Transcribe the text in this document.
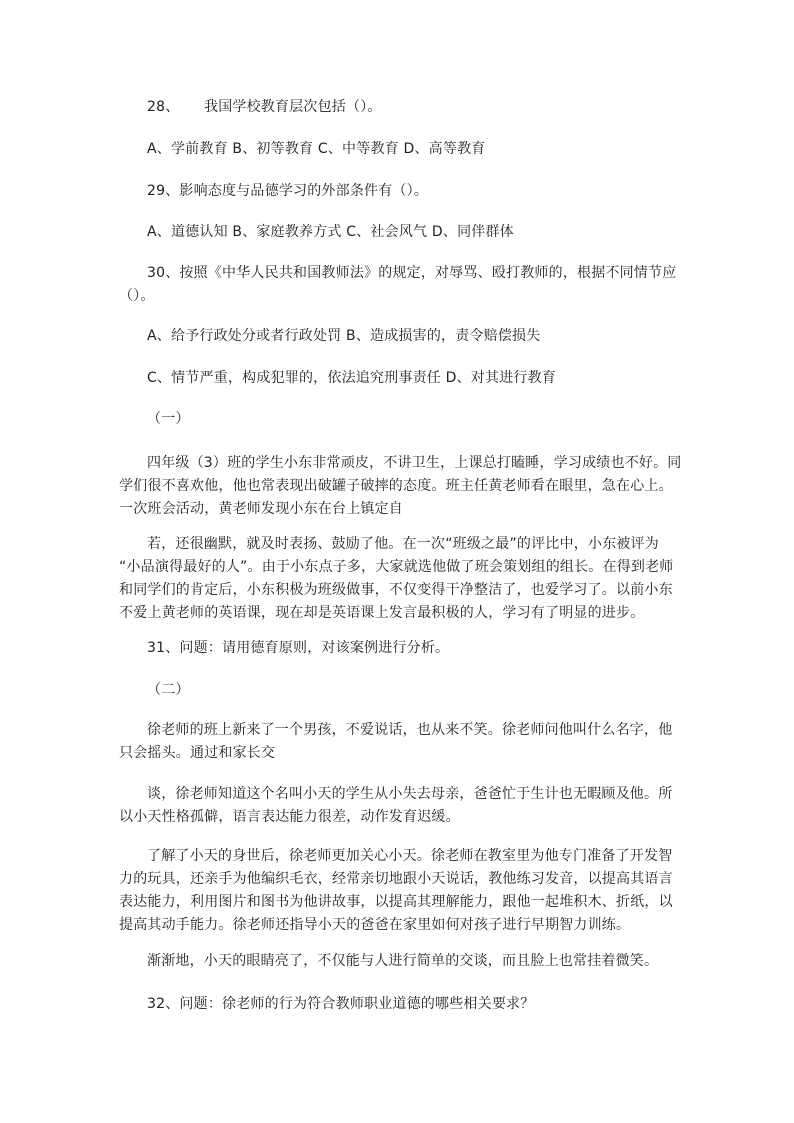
28、 我国学校教育层次包括（）。
A、学前教育 B、初等教育 C、中等教育 D、高等教育
29、影响态度与品德学习的外部条件有（）。
A、道德认知 B、家庭教养方式 C、社会风气 D、同伴群体
30、按照《中华人民共和国教师法》的规定，对辱骂、殴打教师的，根据不同情节应
（）。
A、给予行政处分或者行政处罚 B、造成损害的，责令赔偿损失
C、情节严重，构成犯罪的，依法追究刑事责任 D、对其进行教育
（一）
四年级（3）班的学生小东非常顽皮，不讲卫生，上课总打瞌睡，学习成绩也不好。同
学们很不喜欢他，他也常表现出破罐子破摔的态度。班主任黄老师看在眼里，急在心上。
一次班会活动，黄老师发现小东在台上镇定自
若，还很幽默，就及时表扬、鼓励了他。在一次“班级之最”的评比中，小东被评为
“小品演得最好的人”。由于小东点子多，大家就选他做了班会策划组的组长。在得到老师
和同学们的肯定后，小东积极为班级做事，不仅变得干净整洁了，也爱学习了。以前小东
不爱上黄老师的英语课，现在却是英语课上发言最积极的人，学习有了明显的进步。
31、问题：请用德育原则，对该案例进行分析。
（二）
徐老师的班上新来了一个男孩，不爱说话，也从来不笑。徐老师问他叫什么名字，他
只会摇头。通过和家长交
谈，徐老师知道这个名叫小天的学生从小失去母亲，爸爸忙于生计也无暇顾及他。所
以小天性格孤僻，语言表达能力很差，动作发育迟缓。
了解了小天的身世后，徐老师更加关心小天。徐老师在教室里为他专门准备了开发智
力的玩具，还亲手为他编织毛衣，经常亲切地跟小天说话，教他练习发音，以提高其语言
表达能力，利用图片和图书为他讲故事，以提高其理解能力，跟他一起堆积木、折纸，以
提高其动手能力。徐老师还指导小天的爸爸在家里如何对孩子进行早期智力训练。
渐渐地，小天的眼睛亮了，不仅能与人进行简单的交谈，而且脸上也常挂着微笑。
32、问题：徐老师的行为符合教师职业道德的哪些相关要求？
